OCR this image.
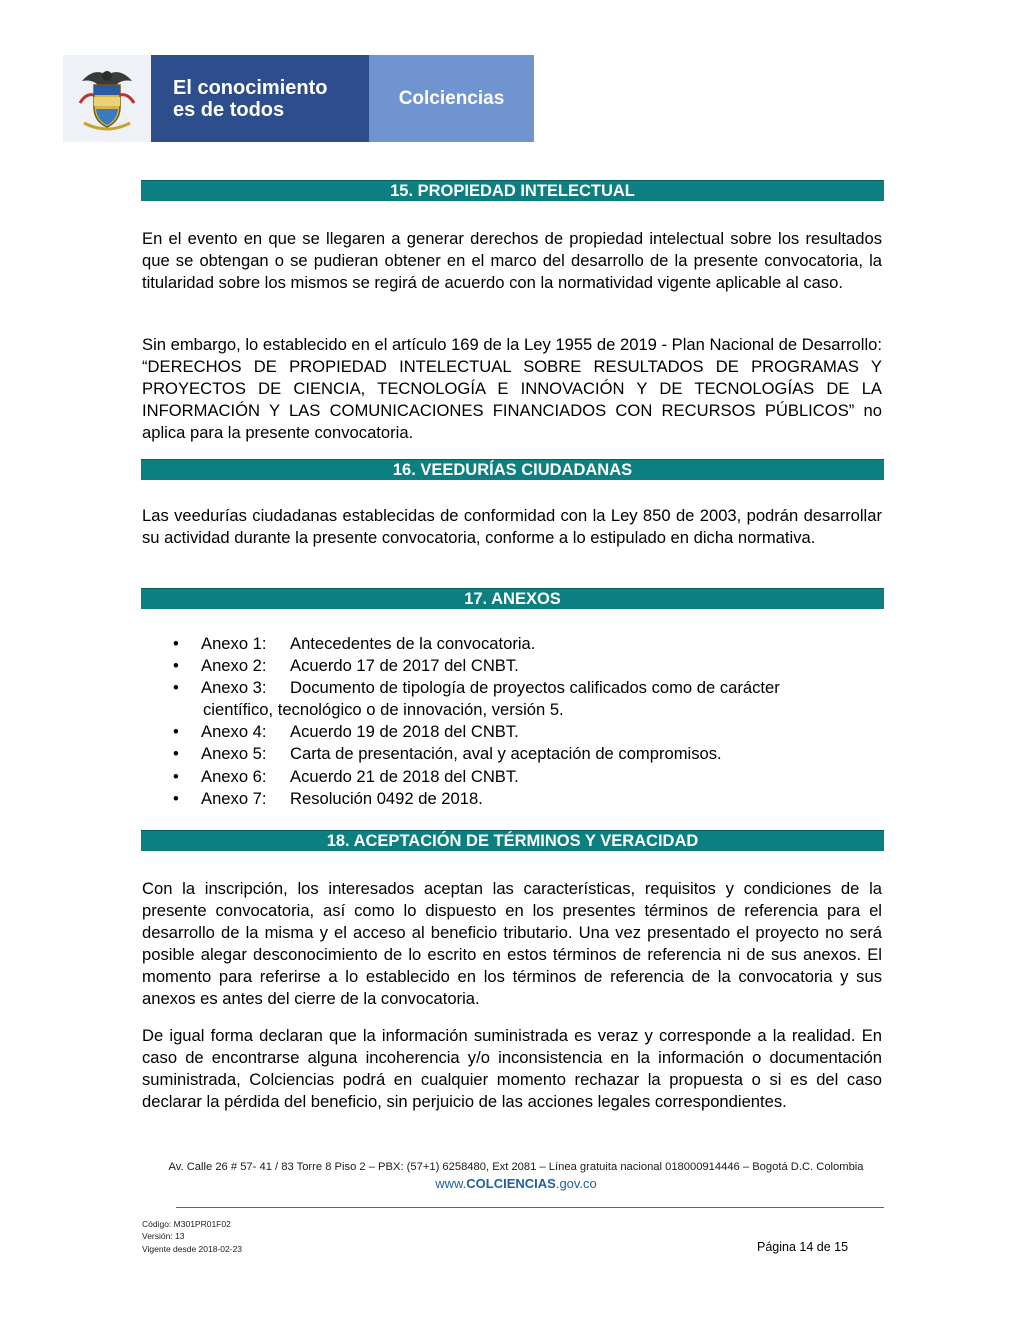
El conocimiento
es de todos
Colciencias
15. PROPIEDAD INTELECTUAL
En el evento en que se llegaren a generar derechos de propiedad intelectual sobre los resultados que se obtengan o se pudieran obtener en el marco del desarrollo de la presente convocatoria, la titularidad sobre los mismos se regirá de acuerdo con la normatividad vigente aplicable al caso.
Sin embargo, lo establecido en el artículo 169 de la Ley 1955 de 2019 - Plan Nacional de Desarrollo: “DERECHOS DE PROPIEDAD INTELECTUAL SOBRE RESULTADOS DE PROGRAMAS Y PROYECTOS DE CIENCIA, TECNOLOGÍA E INNOVACIÓN Y DE TECNOLOGÍAS DE LA INFORMACIÓN Y LAS COMUNICACIONES FINANCIADOS CON RECURSOS PÚBLICOS” no aplica para la presente convocatoria.
16. VEEDURÍAS CIUDADANAS
Las veedurías ciudadanas establecidas de conformidad con la Ley 850 de 2003, podrán desarrollar su actividad durante la presente convocatoria, conforme a lo estipulado en dicha normativa.
17. ANEXOS
• Anexo 1: Antecedentes de la convocatoria.
• Anexo 2: Acuerdo 17 de 2017 del CNBT.
• Anexo 3: Documento de tipología de proyectos calificados como de carácter
científico, tecnológico o de innovación, versión 5.
• Anexo 4: Acuerdo 19 de 2018 del CNBT.
• Anexo 5: Carta de presentación, aval y aceptación de compromisos.
• Anexo 6: Acuerdo 21 de 2018 del CNBT.
• Anexo 7: Resolución 0492 de 2018.
18. ACEPTACIÓN DE TÉRMINOS Y VERACIDAD
Con la inscripción, los interesados aceptan las características, requisitos y condiciones de la presente convocatoria, así como lo dispuesto en los presentes términos de referencia para el desarrollo de la misma y el acceso al beneficio tributario. Una vez presentado el proyecto no será posible alegar desconocimiento de lo escrito en estos términos de referencia ni de sus anexos. El momento para referirse a lo establecido en los términos de referencia de la convocatoria y sus anexos es antes del cierre de la convocatoria.
De igual forma declaran que la información suministrada es veraz y corresponde a la realidad. En caso de encontrarse alguna incoherencia y/o inconsistencia en la información o documentación suministrada, Colciencias podrá en cualquier momento rechazar la propuesta o si es del caso declarar la pérdida del beneficio, sin perjuicio de las acciones legales correspondientes.
Av. Calle 26 # 57- 41 / 83 Torre 8 Piso 2 – PBX: (57+1) 6258480, Ext 2081 – Línea gratuita nacional 018000914446 – Bogotá D.C. Colombia
www.COLCIENCIAS.gov.co
Código: M301PR01F02
Versión: 13
Vigente desde 2018-02-23	Página 14 de 15
